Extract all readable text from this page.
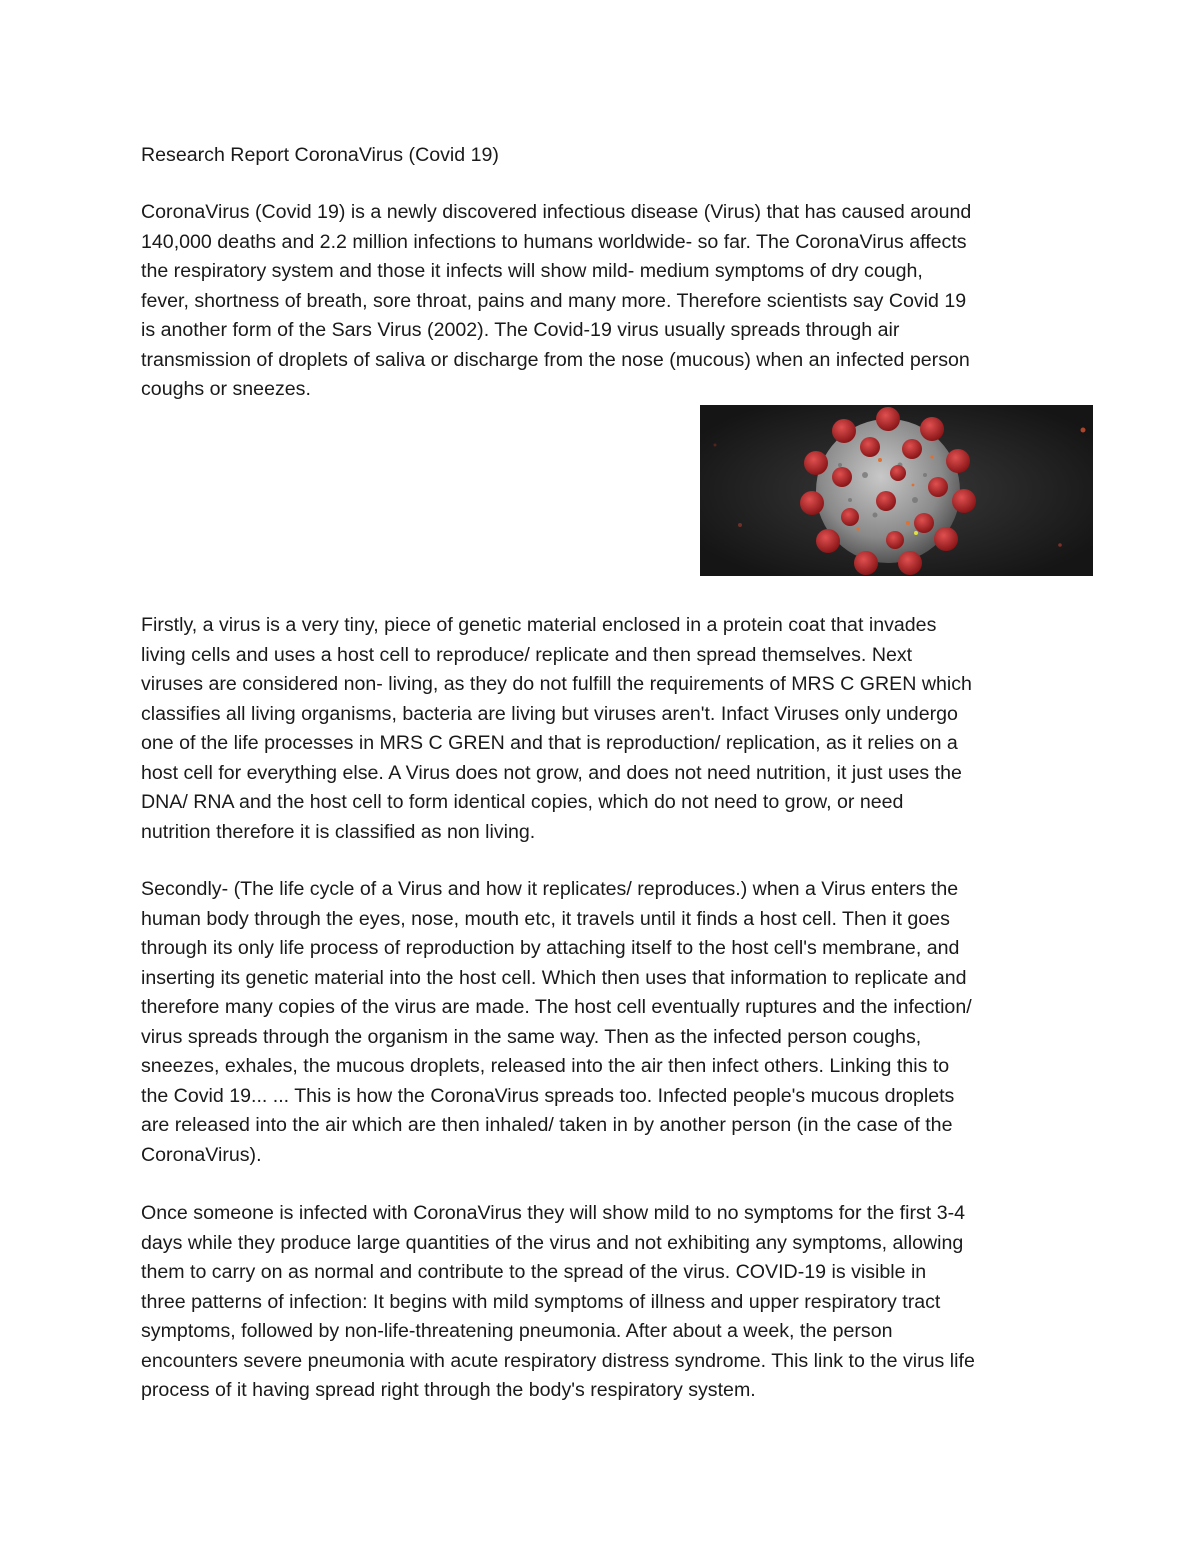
Research Report CoronaVirus (Covid 19)

CoronaVirus (Covid 19) is a newly discovered infectious disease (Virus) that has caused around
140,000 deaths and 2.2 million infections to humans worldwide- so far. The CoronaVirus affects
the respiratory system and those it infects will show mild- medium symptoms of dry cough,
fever, shortness of breath, sore throat, pains and many more. Therefore scientists say Covid 19
is another form of the Sars Virus (2002). The Covid-19 virus usually spreads through air
transmission of droplets of saliva or discharge from the nose (mucous) when an infected person
coughs or sneezes.

Firstly, a virus is a very tiny, piece of genetic material enclosed in a protein coat that invades
living cells and uses a host cell to reproduce/ replicate and then spread themselves. Next
viruses are considered non- living, as they do not fulfill the requirements of MRS C GREN which
classifies all living organisms, bacteria are living but viruses aren't. Infact Viruses only undergo
one of the life processes in MRS C GREN and that is reproduction/ replication, as it relies on a
host cell for everything else. A Virus does not grow, and does not need nutrition, it just uses the
DNA/ RNA and the host cell to form identical copies, which do not need to grow, or need
nutrition therefore it is classified as non living.

Secondly- (The life cycle of a Virus and how it replicates/ reproduces.) when a Virus enters the
human body through the eyes, nose, mouth etc, it travels until it finds a host cell. Then it goes
through its only life process of reproduction by attaching itself to the host cell's membrane, and
inserting its genetic material into the host cell. Which then uses that information to replicate and
therefore many copies of the virus are made. The host cell eventually ruptures and the infection/
virus spreads through the organism in the same way. Then as the infected person coughs,
sneezes, exhales, the mucous droplets, released into the air then infect others. Linking this to
the Covid 19... ... This is how the CoronaVirus spreads too. Infected people's mucous droplets
are released into the air which are then inhaled/ taken in by another person (in the case of the
CoronaVirus).

Once someone is infected with CoronaVirus they will show mild to no symptoms for the first 3-4
days while they produce large quantities of the virus and not exhibiting any symptoms, allowing
them to carry on as normal and contribute to the spread of the virus. COVID-19 is visible in
three patterns of infection: It begins with mild symptoms of illness and upper respiratory tract
symptoms, followed by non-life-threatening pneumonia. After about a week, the person
encounters severe pneumonia with acute respiratory distress syndrome. This link to the virus life
process of it having spread right through the body's respiratory system.
